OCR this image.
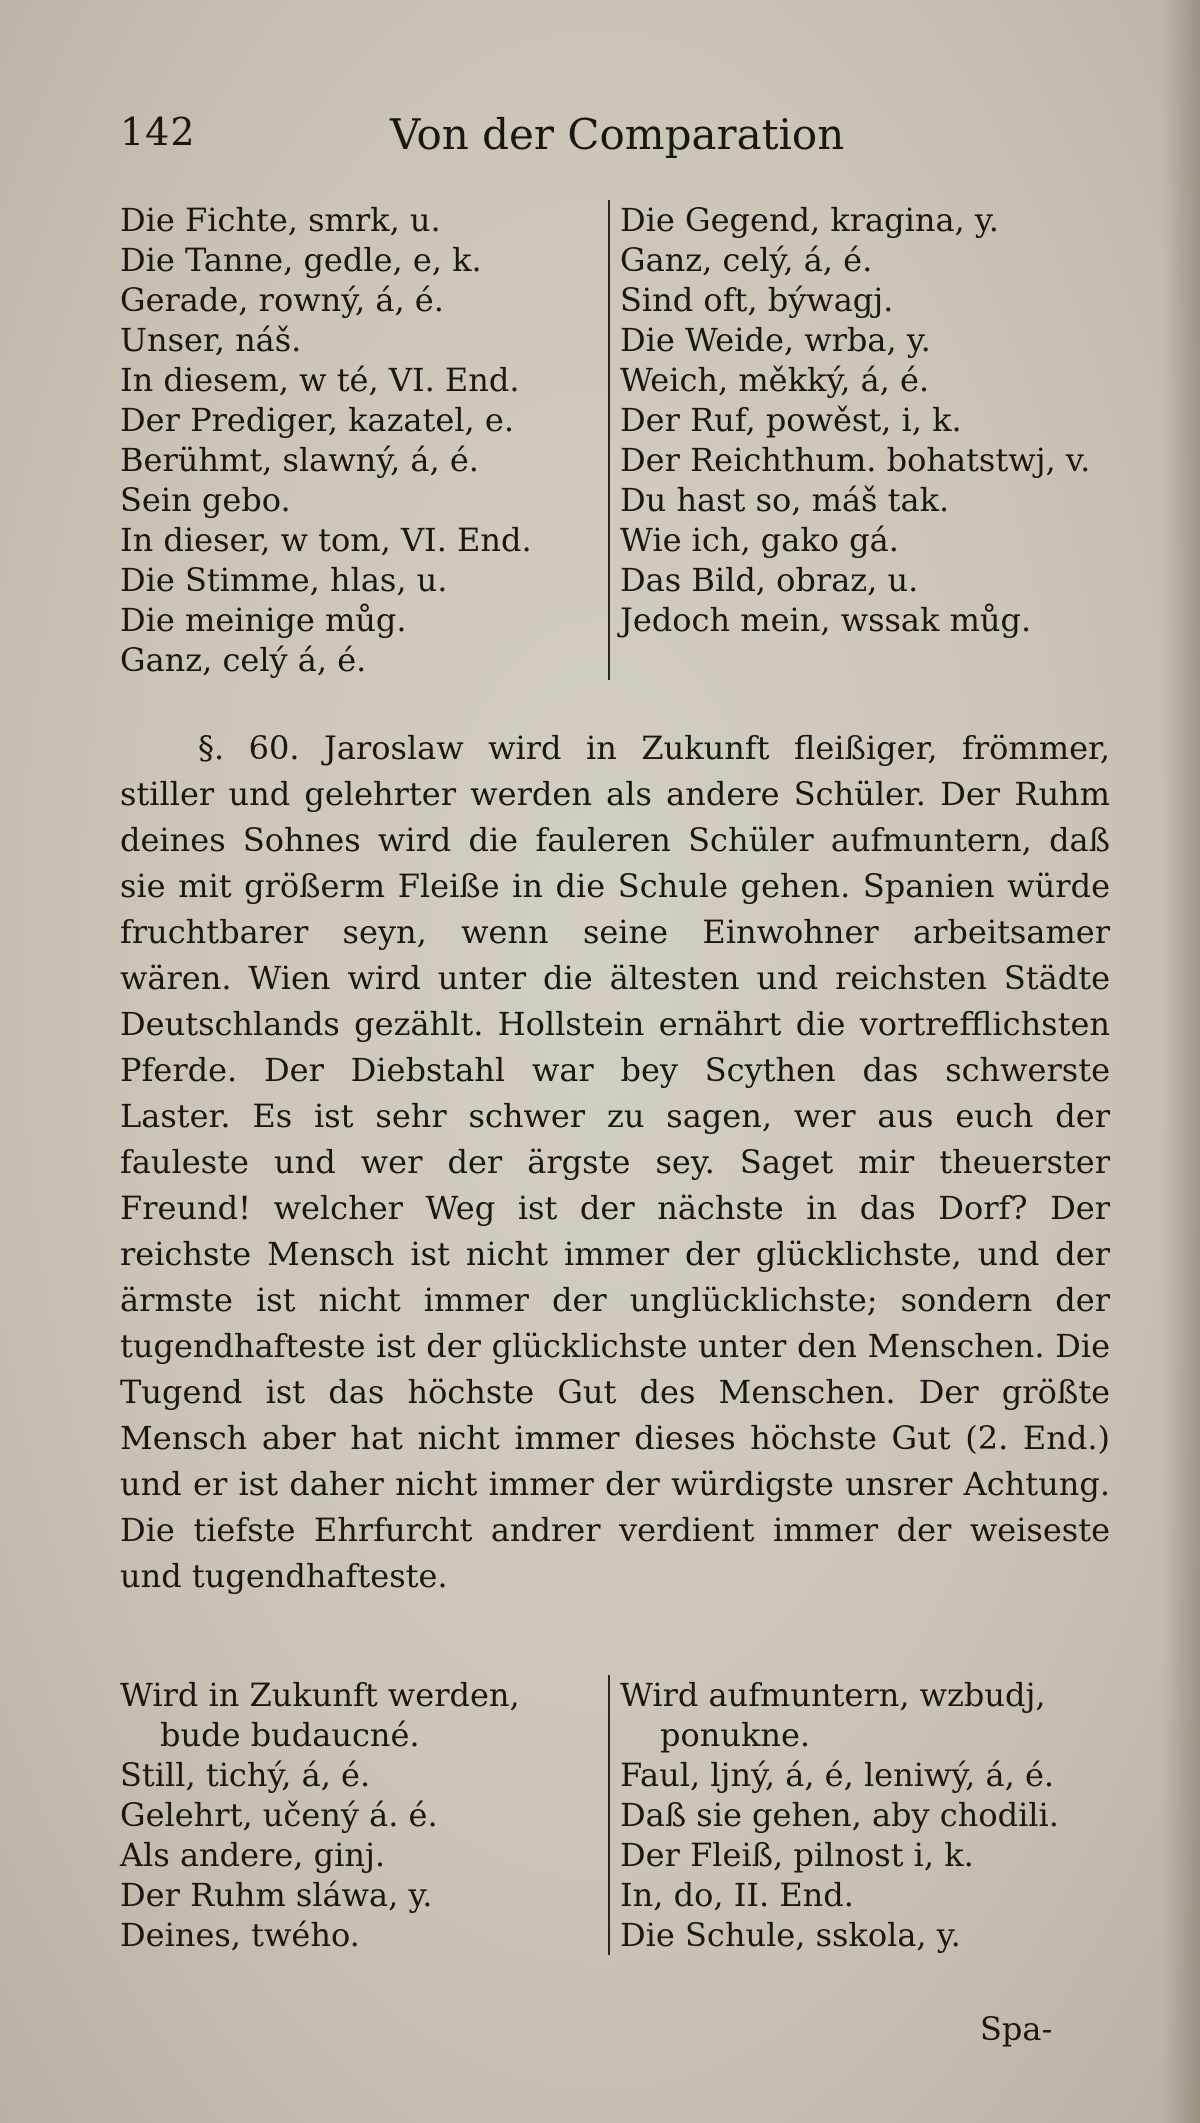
142	Von der Comparation

Die Fichte, smrk, u.

Die Tanne, gedle, e, k.

Gerade, rowný, á, é.

Unser, náš.

In diesem, w té, VI. End.

Der Prediger, kazatel, e.

Berühmt, slawný, á, é.

Sein gebo.

In dieser, w tom, VI. End.

Die Stimme, hlas, u.

Die meinige můg.

Ganz, celý á, é.

Die Gegend, kragina, y.

Ganz, celý, á, é.

Sind oft, býwagj.

Die Weide, wrba, y.

Weich, měkký, á, é.

Der Ruf, powěst, i, k.

Der Reichthum. bohatstwj, v.

Du hast so, máš tak.

Wie ich, gako gá.

Das Bild, obraz, u.

Jedoch mein, wssak můg.

§. 60. Jaroslaw wird in Zukunft fleißiger, frömmer, stiller und gelehrter werden als andere Schüler. Der Ruhm deines Sohnes wird die fauleren Schüler aufmuntern, daß sie mit größerm Fleiße in die Schule gehen. Spanien würde fruchtbarer seyn, wenn seine Einwohner arbeitsamer wären. Wien wird unter die ältesten und reichsten Städte Deutschlands gezählt. Hollstein ernährt die vortrefflichsten Pferde. Der Diebstahl war bey Scythen das schwerste Laster. Es ist sehr schwer zu sagen, wer aus euch der fauleste und wer der ärgste sey. Saget mir theuerster Freund! welcher Weg ist der nächste in das Dorf? Der reichste Mensch ist nicht immer der glücklichste, und der ärmste ist nicht immer der unglücklichste; sondern der tugendhafteste ist der glücklichste unter den Menschen. Die Tugend ist das höchste Gut des Menschen. Der größte Mensch aber hat nicht immer dieses höchste Gut (2. End.) und er ist daher nicht immer der würdigste unsrer Achtung. Die tiefste Ehrfurcht andrer verdient immer der weiseste und tugendhafteste.

Wird in Zukunft werden, bude budaucné.

Still, tichý, á, é.

Gelehrt, učený á. é.

Als andere, ginj.

Der Ruhm sláwa, y.

Deines, twého.

Wird aufmuntern, wzbudj, ponukne.

Faul, ljný, á, é, leniwý, á, é.

Daß sie gehen, aby chodili.

Der Fleiß, pilnost i, k.

In, do, II. End.

Die Schule, sskola, y.

Spa-
